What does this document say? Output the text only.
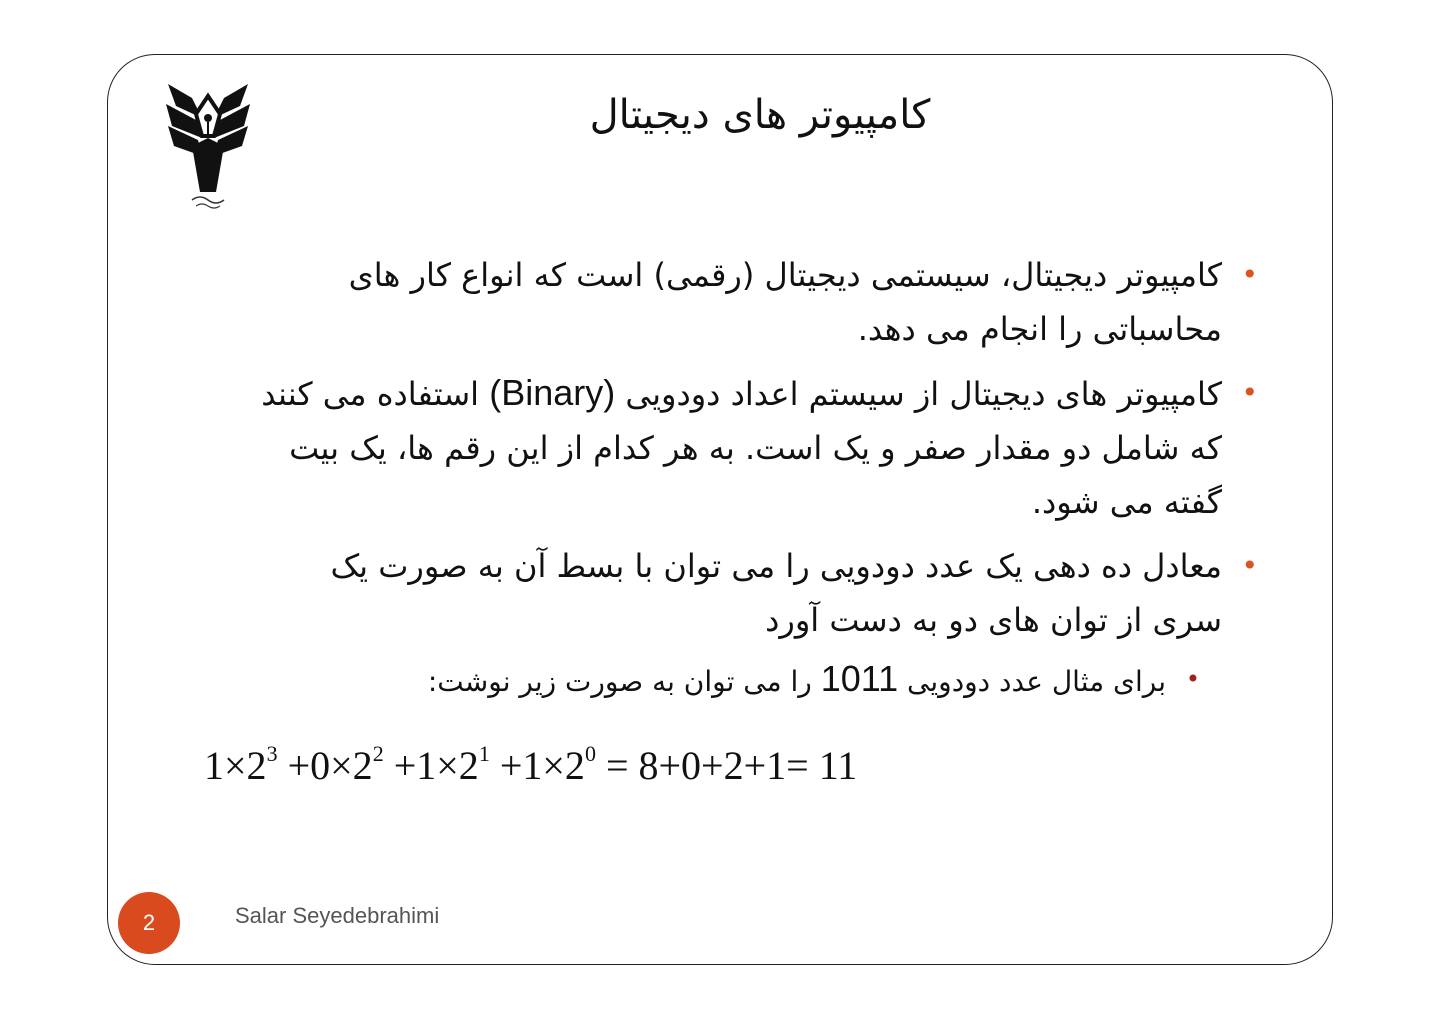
کامپیوتر های دیجیتال
•
کامپیوتر دیجیتال، سیستمی دیجیتال (رقمی) است که انواع کار های محاسباتی را انجام می دهد.
•
کامپیوتر های دیجیتال از سیستم اعداد دودویی (Binary) استفاده می کنند که شامل دو مقدار صفر و یک است. به هر کدام از این رقم ها، یک بیت گفته می شود.
•
معادل ده دهی یک عدد دودویی را می توان با بسط آن به صورت یک سری از توان های دو به دست آورد
•
برای مثال عدد دودویی 1011 را می توان به صورت زیر نوشت:
$1\times 2^3 +0\times 2^2 +1\times 2^1 +1\times 2^0 = 8+0+2+1= 11$
2	Salar Seyedebrahimi
